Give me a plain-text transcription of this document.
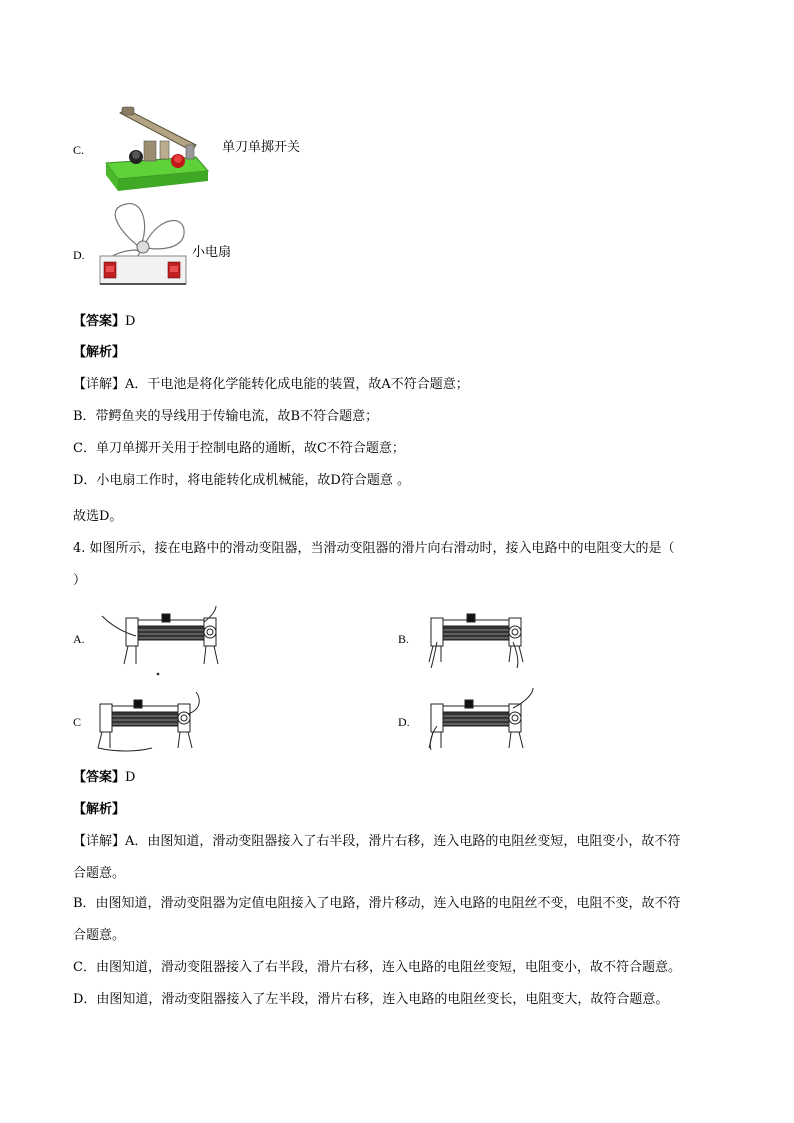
C.	单刀单掷开关
D.	小电扇
【答案】D
【解析】
【详解】A．干电池是将化学能转化成电能的装置，故A不符合题意；
B．带鳄鱼夹的导线用于传输电流，故B不符合题意；
C．单刀单掷开关用于控制电路的通断，故C不符合题意；
D．小电扇工作时，将电能转化成机械能，故D符合题意 。
故选D。
4. 如图所示，接在电路中的滑动变阻器，当滑动变阻器的滑片向右滑动时，接入电路中的电阻变大的是（
）
A.	B.
C	D.
【答案】D
【解析】
【详解】A．由图知道，滑动变阻器接入了右半段，滑片右移，连入电路的电阻丝变短，电阻变小，故不符
合题意。
B．由图知道，滑动变阻器为定值电阻接入了电路，滑片移动，连入电路的电阻丝不变，电阻不变，故不符
合题意。
C．由图知道，滑动变阻器接入了右半段，滑片右移，连入电路的电阻丝变短，电阻变小，故不符合题意。
D．由图知道，滑动变阻器接入了左半段，滑片右移，连入电路的电阻丝变长，电阻变大，故符合题意。
